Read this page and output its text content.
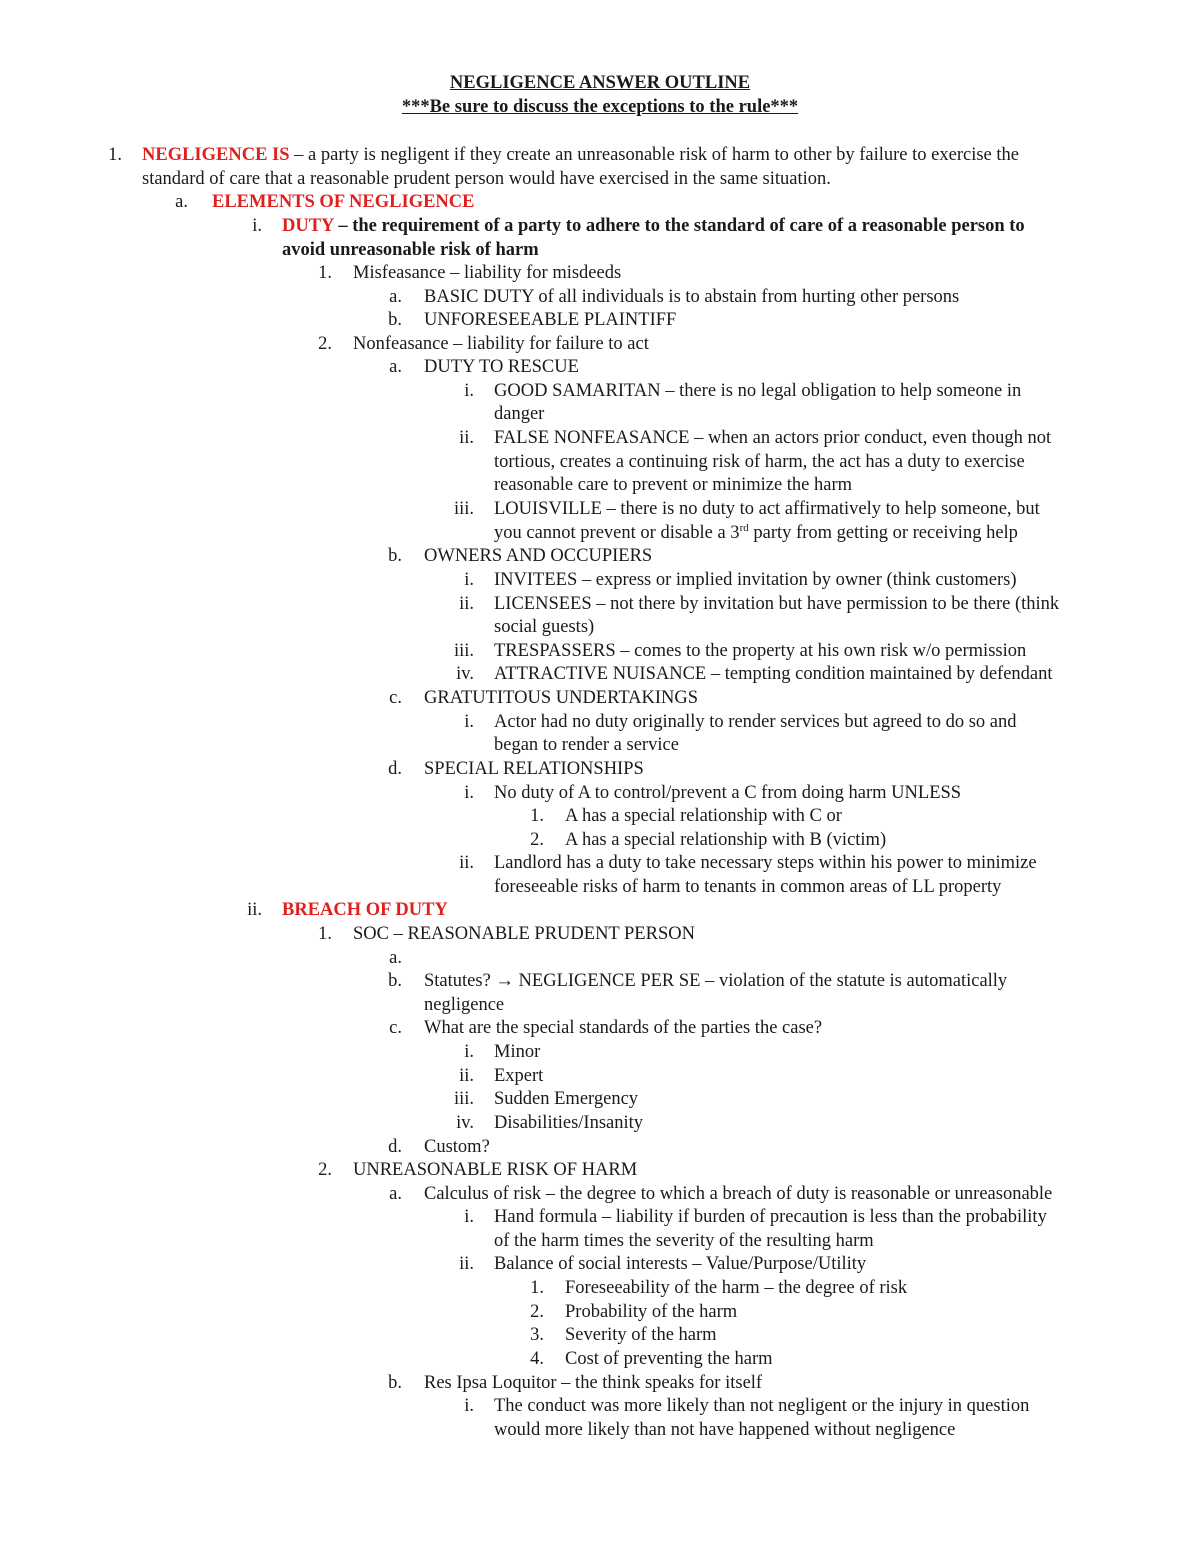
NEGLIGENCE ANSWER OUTLINE
***Be sure to discuss the exceptions to the rule***
1. NEGLIGENCE IS – a party is negligent if they create an unreasonable risk of harm to other by failure to exercise the
standard of care that a reasonable prudent person would have exercised in the same situation.
a. ELEMENTS OF NEGLIGENCE
i. DUTY – the requirement of a party to adhere to the standard of care of a reasonable person to
avoid unreasonable risk of harm
1. Misfeasance – liability for misdeeds
a. BASIC DUTY of all individuals is to abstain from hurting other persons
b. UNFORESEEABLE PLAINTIFF
2. Nonfeasance – liability for failure to act
a. DUTY TO RESCUE
i. GOOD SAMARITAN – there is no legal obligation to help someone in
danger
ii. FALSE NONFEASANCE – when an actors prior conduct, even though not
tortious, creates a continuing risk of harm, the act has a duty to exercise
reasonable care to prevent or minimize the harm
iii. LOUISVILLE – there is no duty to act affirmatively to help someone, but
you cannot prevent or disable a 3rd party from getting or receiving help
b. OWNERS AND OCCUPIERS
i. INVITEES – express or implied invitation by owner (think customers)
ii. LICENSEES – not there by invitation but have permission to be there (think
social guests)
iii. TRESPASSERS – comes to the property at his own risk w/o permission
iv. ATTRACTIVE NUISANCE – tempting condition maintained by defendant
c. GRATUTITOUS UNDERTAKINGS
i. Actor had no duty originally to render services but agreed to do so and
began to render a service
d. SPECIAL RELATIONSHIPS
i. No duty of A to control/prevent a C from doing harm UNLESS
1. A has a special relationship with C or
2. A has a special relationship with B (victim)
ii. Landlord has a duty to take necessary steps within his power to minimize
foreseeable risks of harm to tenants in common areas of LL property
ii. BREACH OF DUTY
1. SOC – REASONABLE PRUDENT PERSON
a.
b. Statutes? → NEGLIGENCE PER SE – violation of the statute is automatically
negligence
c. What are the special standards of the parties the case?
i. Minor
ii. Expert
iii. Sudden Emergency
iv. Disabilities/Insanity
d. Custom?
2. UNREASONABLE RISK OF HARM
a. Calculus of risk – the degree to which a breach of duty is reasonable or unreasonable
i. Hand formula – liability if burden of precaution is less than the probability
of the harm times the severity of the resulting harm
ii. Balance of social interests – Value/Purpose/Utility
1. Foreseeability of the harm – the degree of risk
2. Probability of the harm
3. Severity of the harm
4. Cost of preventing the harm
b. Res Ipsa Loquitor – the think speaks for itself
i. The conduct was more likely than not negligent or the injury in question
would more likely than not have happened without negligence
